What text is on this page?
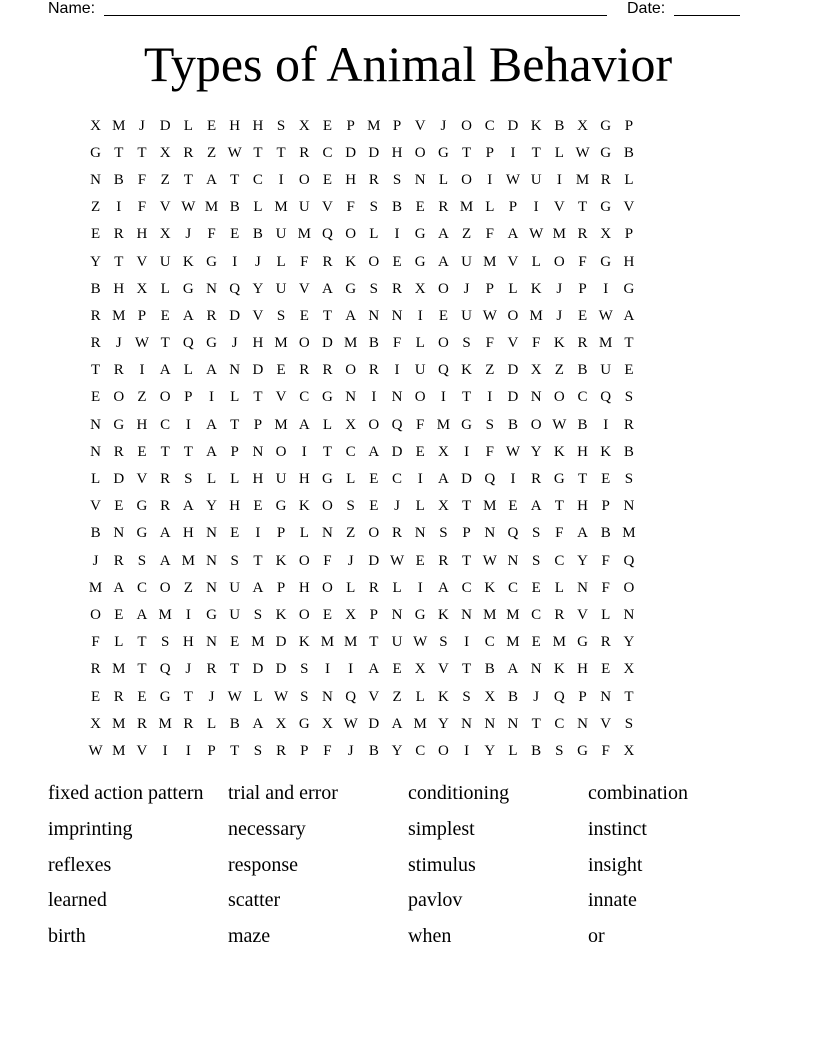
Name:	Date:
Types of Animal Behavior
X M J D L E H H S X E P M P V J O C D K B X G P
G T T X R Z W T T R C D D H O G T P	I	T L W G B
N B F Z T A T C	I	O E H R S N L O	I W U	I M R L
Z	I	F V W M B L M U V F S B E R M L P	I	V T G V
E R H X J	F E B U M Q O L	I	G A Z F A W M R X P
Y T V U K G	I	J	L F R K O E G A U M V L O F G H
B H X L G N Q Y U V A G S R X O J	P L K J	P	I	G
R M P E A R D V S E T A N N	I	E U W O M J	E W A
R	J W T Q G J H M O D M B F L O S F V F K R M T
T R	I	A L A N D E R R O R	I	U Q K Z D X Z B U E
E O Z O P	I	L T V C G N	I	N O	I	T	I	D N O C Q S
N G H C	I	A T P M A L X O Q F M G S B O W B	I	R
N R E T T A P N O	I	T C A D E X	I	F W Y K H K B
L D V R S L L H U H G L E C	I	A D Q	I	R G T E S
V E G R A Y H E G K O S E	J	L X T M E A T H P N
B N G A H N E	I	P L N Z O R N S P N Q S F A B M
J	R S A M N S T K O F	J D W E R T W N S C Y F Q
M A C O Z N U A P H O L R L	I	A C K C E L N F O
O E A M I	G U S K O E X P N G K N M M C R V L N
F L T S H N E M D K M M T U W S	I	C M E M G R Y
R M T Q J	R T D D S	I	I	A E X V T B A N K H E X
E R E G T	J W L W S N Q V Z L K S X B	J Q P N T
X M R M R L B A X G X W D A M Y N N N T C N V S
W M V	I	I	P T S R P F	J	B Y C O	I	Y L B S G F X
fixed action pattern	trial and error	conditioning	combination
imprinting	necessary	simplest	instinct
reflexes	response	stimulus	insight
learned	scatter	pavlov	innate
birth	maze	when	or
